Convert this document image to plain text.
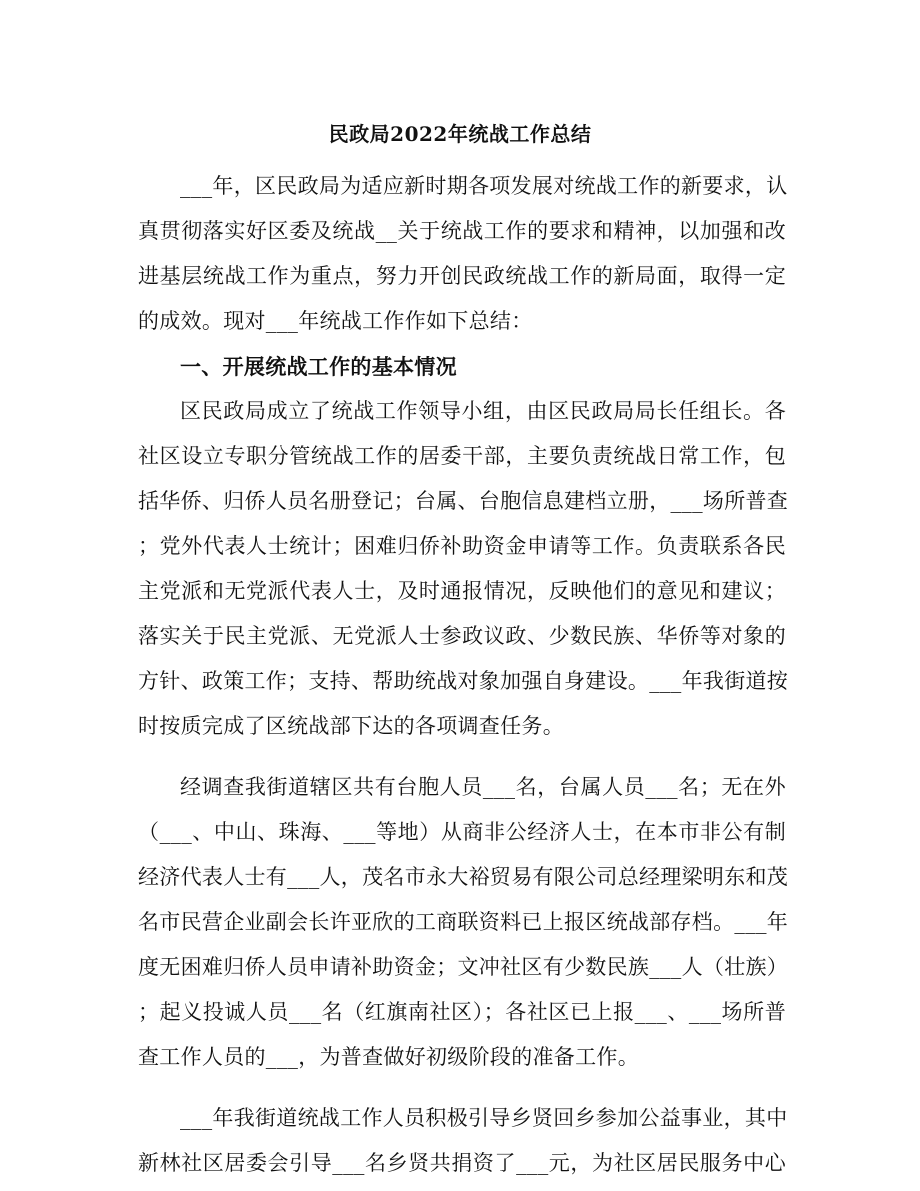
民政局2022年统战工作总结
___年，区民政局为适应新时期各项发展对统战工作的新要求，认
真贯彻落实好区委及统战__关于统战工作的要求和精神，以加强和改
进基层统战工作为重点，努力开创民政统战工作的新局面，取得一定
的成效。现对___年统战工作作如下总结：
一、开展统战工作的基本情况
区民政局成立了统战工作领导小组，由区民政局局长任组长。各
社区设立专职分管统战工作的居委干部，主要负责统战日常工作，包
括华侨、归侨人员名册登记；台属、台胞信息建档立册，___场所普查
；党外代表人士统计；困难归侨补助资金申请等工作。负责联系各民
主党派和无党派代表人士，及时通报情况，反映他们的意见和建议；
落实关于民主党派、无党派人士参政议政、少数民族、华侨等对象的
方针、政策工作；支持、帮助统战对象加强自身建设。___年我街道按
时按质完成了区统战部下达的各项调查任务。
经调查我街道辖区共有台胞人员___名，台属人员___名；无在外
（___、中山、珠海、___等地）从商非公经济人士，在本市非公有制
经济代表人士有___人，茂名市永大裕贸易有限公司总经理梁明东和茂
名市民营企业副会长许亚欣的工商联资料已上报区统战部存档。___年
度无困难归侨人员申请补助资金；文冲社区有少数民族___人（壮族）
；起义投诚人员___名（红旗南社区）；各社区已上报___、___场所普
查工作人员的___，为普查做好初级阶段的准备工作。
___年我街道统战工作人员积极引导乡贤回乡参加公益事业，其中
新林社区居委会引导___名乡贤共捐资了___元，为社区居民服务中心
